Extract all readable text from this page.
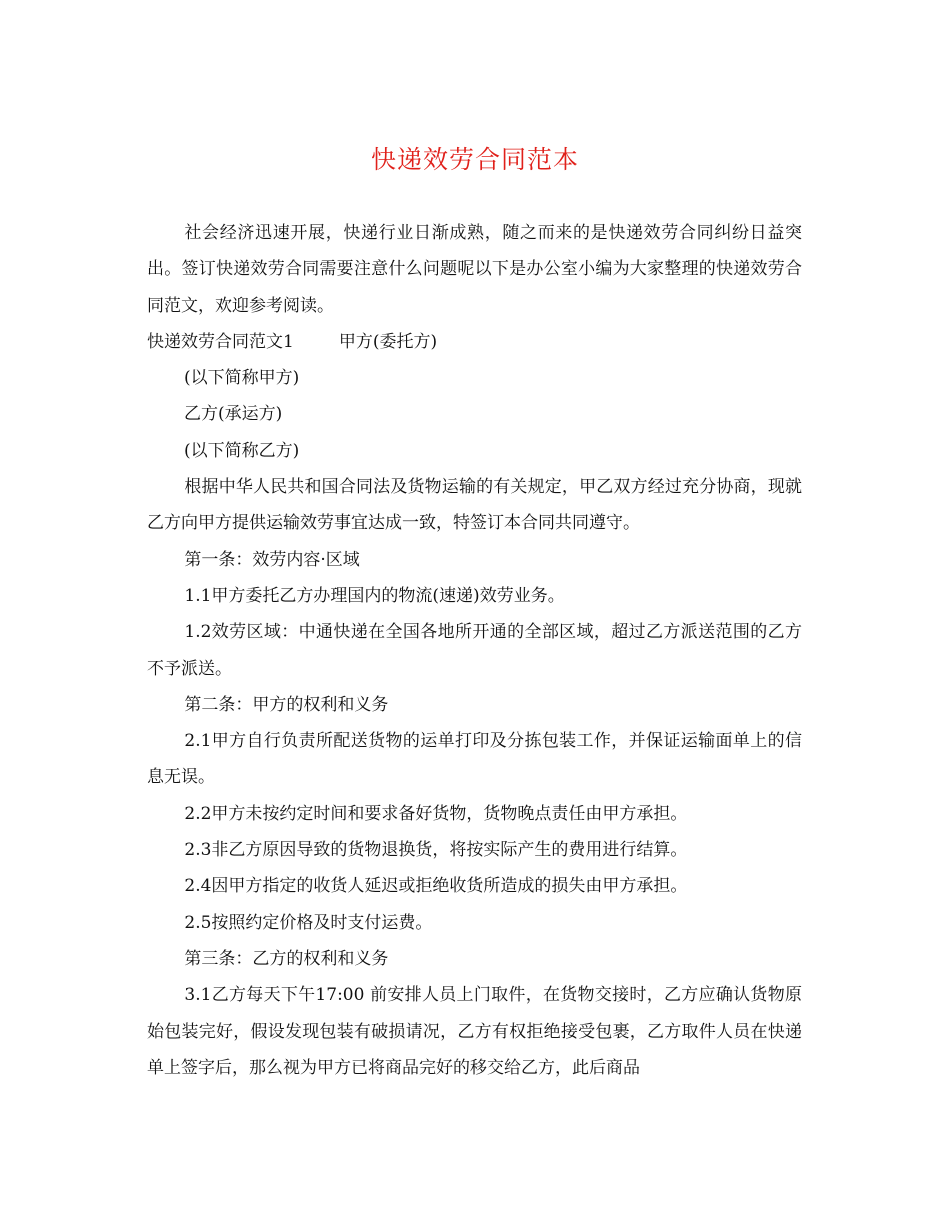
快递效劳合同范本

社会经济迅速开展，快递行业日渐成熟，随之而来的是快递效劳合同纠纷日益突出。签订快递效劳合同需要注意什么问题呢以下是办公室小编为大家整理的快递效劳合同范文，欢迎参考阅读。

快递效劳合同范文1	甲方(委托方)

(以下简称甲方)

乙方(承运方)

(以下简称乙方)

根据中华人民共和国合同法及货物运输的有关规定，甲乙双方经过充分协商，现就乙方向甲方提供运输效劳事宜达成一致，特签订本合同共同遵守。

第一条：效劳内容·区域

1.1甲方委托乙方办理国内的物流(速递)效劳业务。

1.2效劳区域：中通快递在全国各地所开通的全部区域，超过乙方派送范围的乙方不予派送。

第二条：甲方的权利和义务

2.1甲方自行负责所配送货物的运单打印及分拣包装工作，并保证运输面单上的信息无误。

2.2甲方未按约定时间和要求备好货物，货物晚点责任由甲方承担。

2.3非乙方原因导致的货物退换货，将按实际产生的费用进行结算。

2.4因甲方指定的收货人延迟或拒绝收货所造成的损失由甲方承担。

2.5按照约定价格及时支付运费。

第三条：乙方的权利和义务

3.1乙方每天下午17:00 前安排人员上门取件，在货物交接时，乙方应确认货物原始包装完好，假设发现包装有破损请况，乙方有权拒绝接受包裹，乙方取件人员在快递单上签字后，那么视为甲方已将商品完好的移交给乙方，此后商品
